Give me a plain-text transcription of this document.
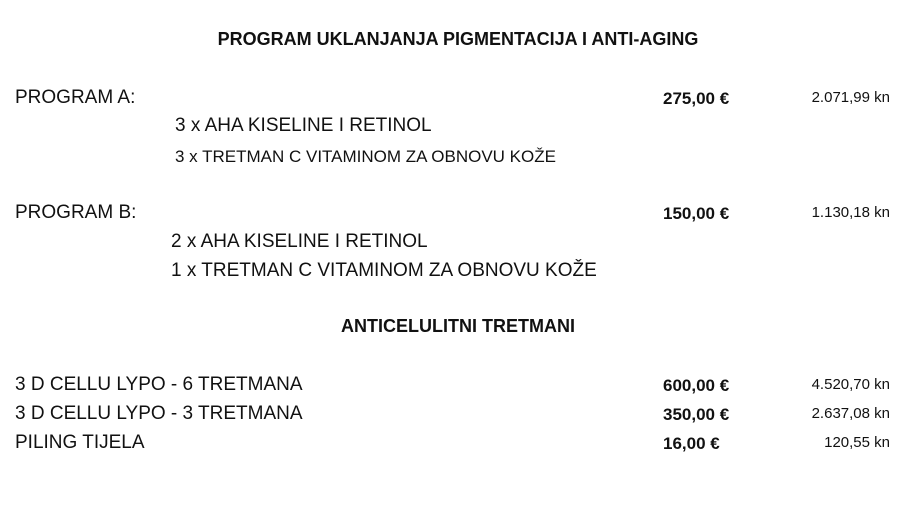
PROGRAM UKLANJANJA PIGMENTACIJA I ANTI-AGING
PROGRAM A:	275,00 €	2.071,99 kn
3 x AHA KISELINE I RETINOL
3 x TRETMAN C VITAMINOM ZA OBNOVU KOŽE
PROGRAM B:	150,00 €	1.130,18 kn
2 x AHA KISELINE I RETINOL
1 x TRETMAN C VITAMINOM ZA OBNOVU KOŽE
ANTICELULITNI TRETMANI
3 D CELLU LYPO - 6 TRETMANA	600,00 €	4.520,70 kn
3 D CELLU LYPO - 3 TRETMANA	350,00 €	2.637,08 kn
PILING TIJELA	16,00 €	120,55 kn
